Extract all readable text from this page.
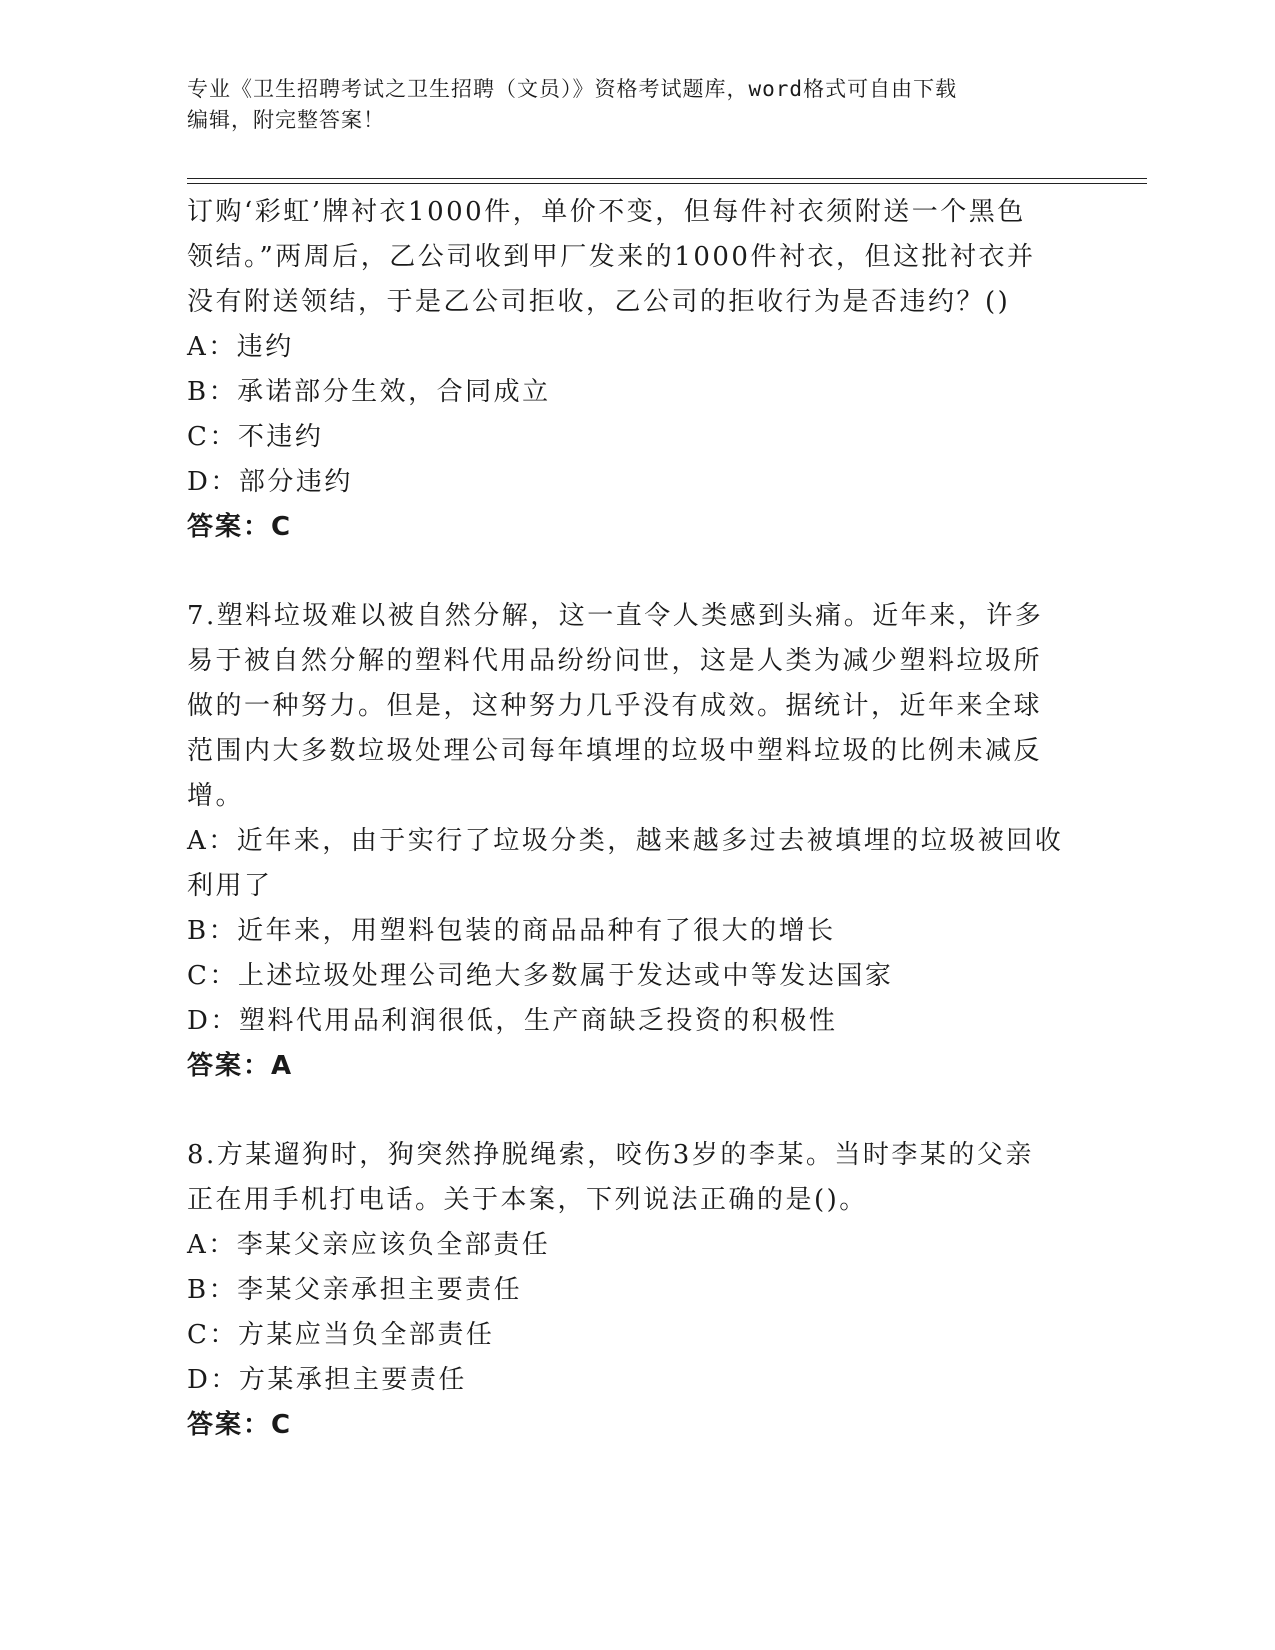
专业《卫生招聘考试之卫生招聘（文员）》资格考试题库，word格式可自由下载
编辑，附完整答案！
订购‘彩虹’牌衬衣1000件，单价不变，但每件衬衣须附送一个黑色
领结。”两周后，乙公司收到甲厂发来的1000件衬衣，但这批衬衣并
没有附送领结，于是乙公司拒收，乙公司的拒收行为是否违约？()
A：违约
B：承诺部分生效，合同成立
C：不违约
D：部分违约
答案：C
7.塑料垃圾难以被自然分解，这一直令人类感到头痛。近年来，许多
易于被自然分解的塑料代用品纷纷问世，这是人类为减少塑料垃圾所
做的一种努力。但是，这种努力几乎没有成效。据统计，近年来全球
范围内大多数垃圾处理公司每年填埋的垃圾中塑料垃圾的比例未减反
增。
A：近年来，由于实行了垃圾分类，越来越多过去被填埋的垃圾被回收
利用了
B：近年来，用塑料包装的商品品种有了很大的增长
C：上述垃圾处理公司绝大多数属于发达或中等发达国家
D：塑料代用品利润很低，生产商缺乏投资的积极性
答案：A
8.方某遛狗时，狗突然挣脱绳索，咬伤3岁的李某。当时李某的父亲
正在用手机打电话。关于本案，下列说法正确的是()。
A：李某父亲应该负全部责任
B：李某父亲承担主要责任
C：方某应当负全部责任
D：方某承担主要责任
答案：C
